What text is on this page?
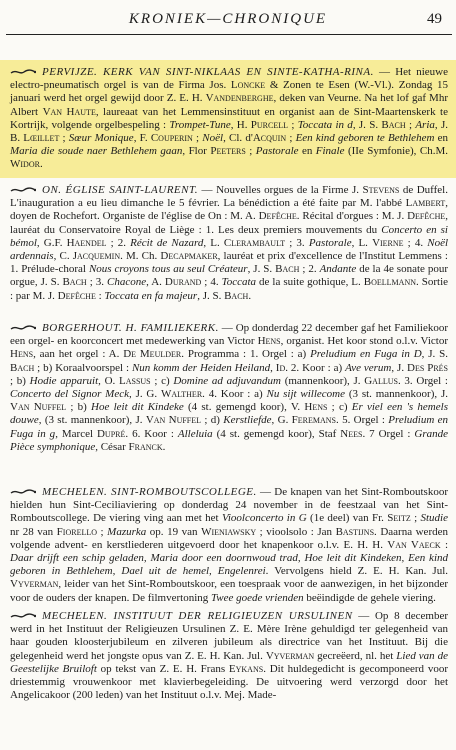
KRONIEK—CHRONIQUE	49

PERVIJZE. KERK VAN SINT-NIKLAAS EN SINTE-KATHA-RINA. — Het nieuwe electro-pneumatisch orgel is van de Firma Jos. Loncke & Zonen te Esen (W.-Vl.). Zondag 15 januari werd het orgel gewijd door Z. E. H. Vandenberghe, deken van Veurne. Na het lof gaf Mhr Albert Van Haute, laureaat van het Lemmensinstituut en organist aan de Sint-Maartenskerk te Kortrijk, volgende orgelbespeling : Trompet-Tune, H. Purcell ; Toccata in d, J. S. Bach ; Aria, J. B. Lœillet ; Sœur Monique, F. Couperin ; Noël, Cl. d'Acquin ; Een kind geboren te Bethlehem en Maria die soude naer Bethlehem gaan, Flor Peeters ; Pastorale en Finale (IIe Symfonie), Ch.M. Widor.

ON. ÉGLISE SAINT-LAURENT. — Nouvelles orgues de la Firme J. Stevens de Duffel. L'inauguration a eu lieu dimanche le 5 février. La bénédiction a été faite par M. l'abbé Lambert, doyen de Rochefort. Organiste de l'église de On : M. A. Defêche. Récital d'orgues : M. J. Defêche, lauréat du Conservatoire Royal de Liège : 1. Les deux premiers mouvements du Concerto en si bémol, G.F. Haendel ; 2. Récit de Nazard, L. Clerambault ; 3. Pastorale, L. Vierne ; 4. Noël ardennais, C. Jacquemin. M. Ch. Decapmaker, lauréat et prix d'excellence de l'Institut Lemmens : 1. Prélude-choral Nous croyons tous au seul Créateur, J. S. Bach ; 2. Andante de la 4e sonate pour orgue, J. S. Bach ; 3. Chacone, A. Durand ; 4. Toccata de la suite gothique, L. Boellmann. Sortie : par M. J. Defêche : Toccata en fa majeur, J. S. Bach.

BORGERHOUT. H. FAMILIEKERK. — Op donderdag 22 december gaf het Familiekoor een orgel- en koorconcert met medewerking van Victor Hens, organist. Het koor stond o.l.v. Victor Hens, aan het orgel : A. De Meulder. Programma : 1. Orgel : a) Preludium en Fuga in D, J. S. Bach ; b) Koraalvoorspel : Nun komm der Heiden Heiland, Id. 2. Koor : a) Ave verum, J. Des Prés ; b) Hodie apparuit, O. Lassus ; c) Domine ad adjuvandum (mannenkoor), J. Gallus. 3. Orgel : Concerto del Signor Meck, J. G. Walther. 4. Koor : a) Nu sijt willecome (3 st. mannenkoor), J. Van Nuffel ; b) Hoe leit dit Kindeke (4 st. gemengd koor), V. Hens ; c) Er viel een 's hemels douwe, (3 st. mannenkoor), J. Van Nuffel ; d) Kerstliefde, G. Feremans. 5. Orgel : Preludium en Fuga in g, Marcel Dupré. 6. Koor : Alleluia (4 st. gemengd koor), Staf Nees. 7 Orgel : Grande Pièce symphonique, César Franck.

MECHELEN. SINT-ROMBOUTSCOLLEGE. — De knapen van het Sint-Romboutskoor hielden hun Sint-Ceciliaviering op donderdag 24 november in de feestzaal van het Sint-Romboutscollege. De viering ving aan met het Vioolconcerto in G (1e deel) van Fr. Seitz ; Studie nr 28 van Fiorello ; Mazurka op. 19 van Wieniawsky ; vioolsolo : Jan Bastijns. Daarna werden volgende advent- en kerstliederen uitgevoerd door het knapenkoor o.l.v. E. H. H. Van Vaeck : Daar drijft een schip geladen, Maria door een doornwoud trad, Hoe leit dit Kindeken, Een kind geboren in Bethlehem, Dael uit de hemel, Engelenrei. Vervolgens hield Z. E. H. Kan. Jul. Vyverman, leider van het Sint-Romboutskoor, een toespraak voor de aanwezigen, in het bijzonder voor de ouders der knapen. De filmvertoning Twee goede vrienden beëindigde de gehele viering.

MECHELEN. INSTITUUT DER RELIGIEUZEN URSULINEN — Op 8 december werd in het Instituut der Religieuzen Ursulinen Z. E. Mère Irène gehuldigd ter gelegenheid van haar gouden kloosterjubileum en zilveren jubileum als directrice van het Instituut. Bij die gelegenheid werd het jongste opus van Z. E. H. Kan. Jul. Vyverman gecreëerd, nl. het Lied van de Geestelijke Bruiloft op tekst van Z. E. H. Frans Eykans. Dit huldegedicht is gecomponeerd voor driestemmig vrouwenkoor met klavierbegeleiding. De uitvoering werd verzorgd door het Angelicakoor (200 leden) van het Instituut o.l.v. Mej. Made-
